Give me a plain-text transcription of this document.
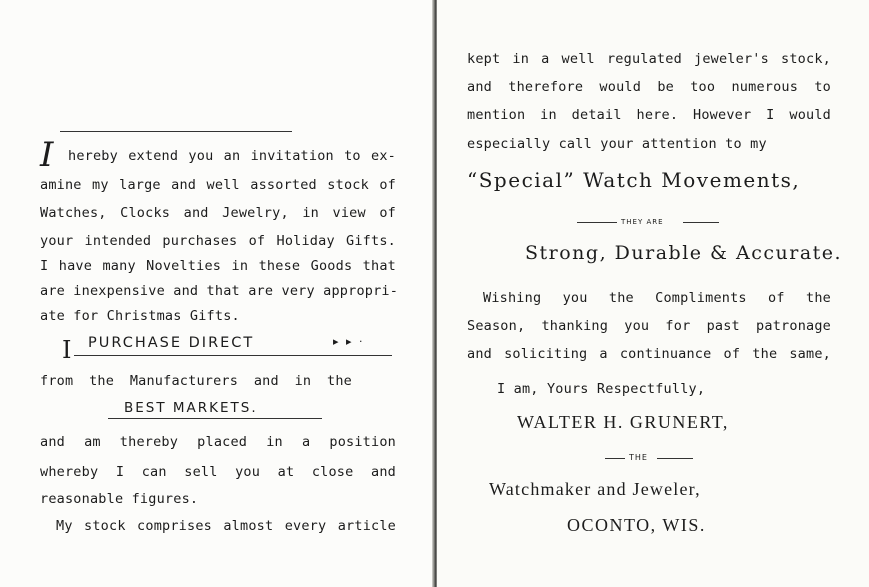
I hereby extend you an invitation to ex-
amine my large and well assorted stock of
Watches, Clocks and Jewelry, in view of
your intended purchases of Holiday Gifts.
I have many Novelties in these Goods that
are inexpensive and that are very appropri-
ate for Christmas Gifts.
I PURCHASE DIRECT	▸ ▸ ·
from the Manufacturers and in the
BEST MARKETS.
and am thereby placed in a position
whereby I can sell you at close and
reasonable figures.
My stock comprises almost every article
kept in a well regulated jeweler's stock,
and therefore would be too numerous to
mention in detail here. However I would
especially call your attention to my
“Special” Watch Movements,
THEY ARE
Strong, Durable & Accurate.
Wishing you the Compliments of the
Season, thanking you for past patronage
and soliciting a continuance of the same,
I am, Yours Respectfully,
WALTER H. GRUNERT,
THE
Watchmaker and Jeweler,
OCONTO, WIS.
